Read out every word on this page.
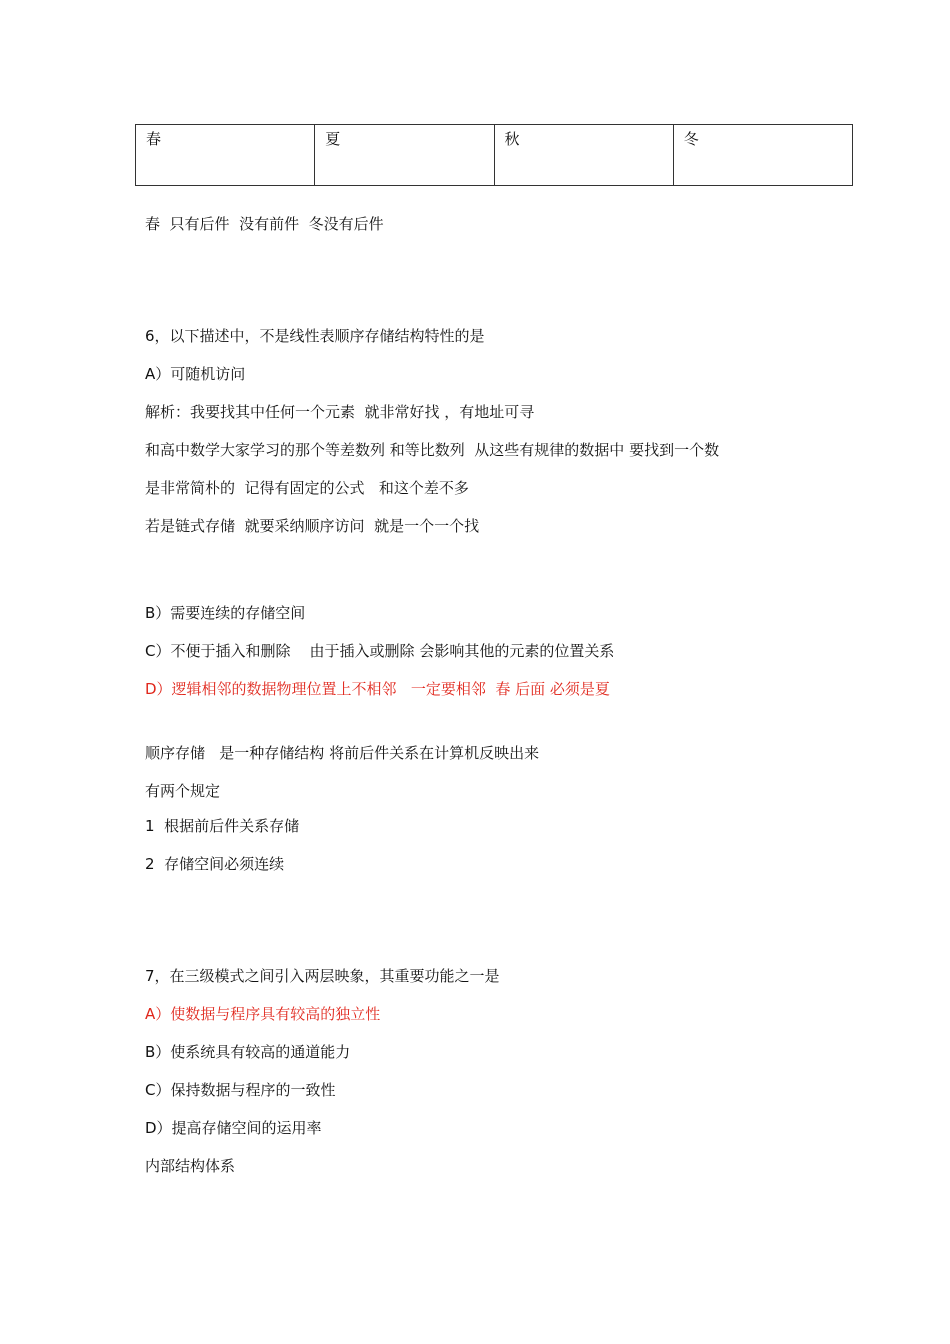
春	夏	秋	冬
春  只有后件  没有前件  冬没有后件
6，以下描述中，不是线性表顺序存储结构特性的是
A）可随机访问
解析：我要找其中任何一个元素  就非常好找 ，有地址可寻
和高中数学大家学习的那个等差数列 和等比数列  从这些有规律的数据中 要找到一个数
是非常简朴的  记得有固定的公式   和这个差不多
若是链式存储  就要采纳顺序访问  就是一个一个找
B）需要连续的存储空间
C）不便于插入和删除    由于插入或删除 会影响其他的元素的位置关系
D）逻辑相邻的数据物理位置上不相邻   一定要相邻  春 后面 必须是夏
顺序存储   是一种存储结构 将前后件关系在计算机反映出来
有两个规定
1  根据前后件关系存储
2  存储空间必须连续
7，在三级模式之间引入两层映象，其重要功能之一是
A）使数据与程序具有较高的独立性
B）使系统具有较高的通道能力
C）保持数据与程序的一致性
D）提高存储空间的运用率
内部结构体系
